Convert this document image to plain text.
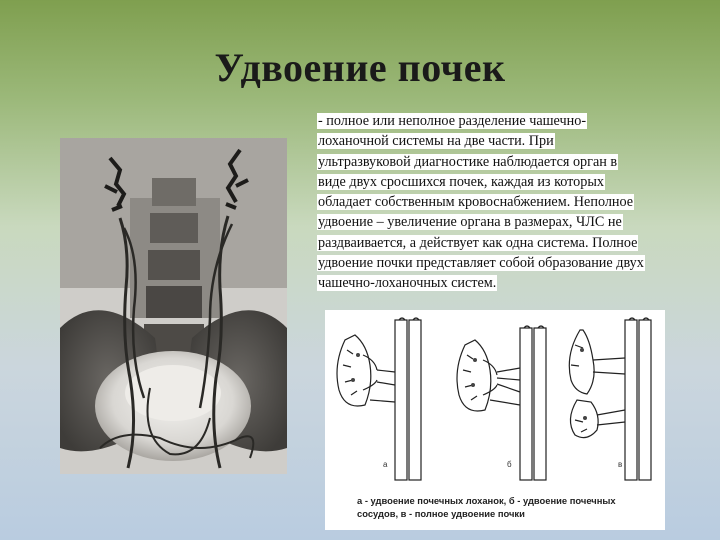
Удвоение почек
- полное или неполное разделение чашечно-
лоханочной системы на две части. При
ультразвуковой диагностике наблюдается орган в
виде двух сросшихся почек, каждая из которых
обладает собственным кровоснабжением. Неполное
удвоение – увеличение органа в размерах, ЧЛС не
раздваивается, а действует как одна система. Полное
удвоение почки представляет собой образование двух
чашечно-лоханочных систем.
а	б	в
а - удвоение почечных лоханок, б - удвоение почечных
сосудов, в - полное удвоение почки
